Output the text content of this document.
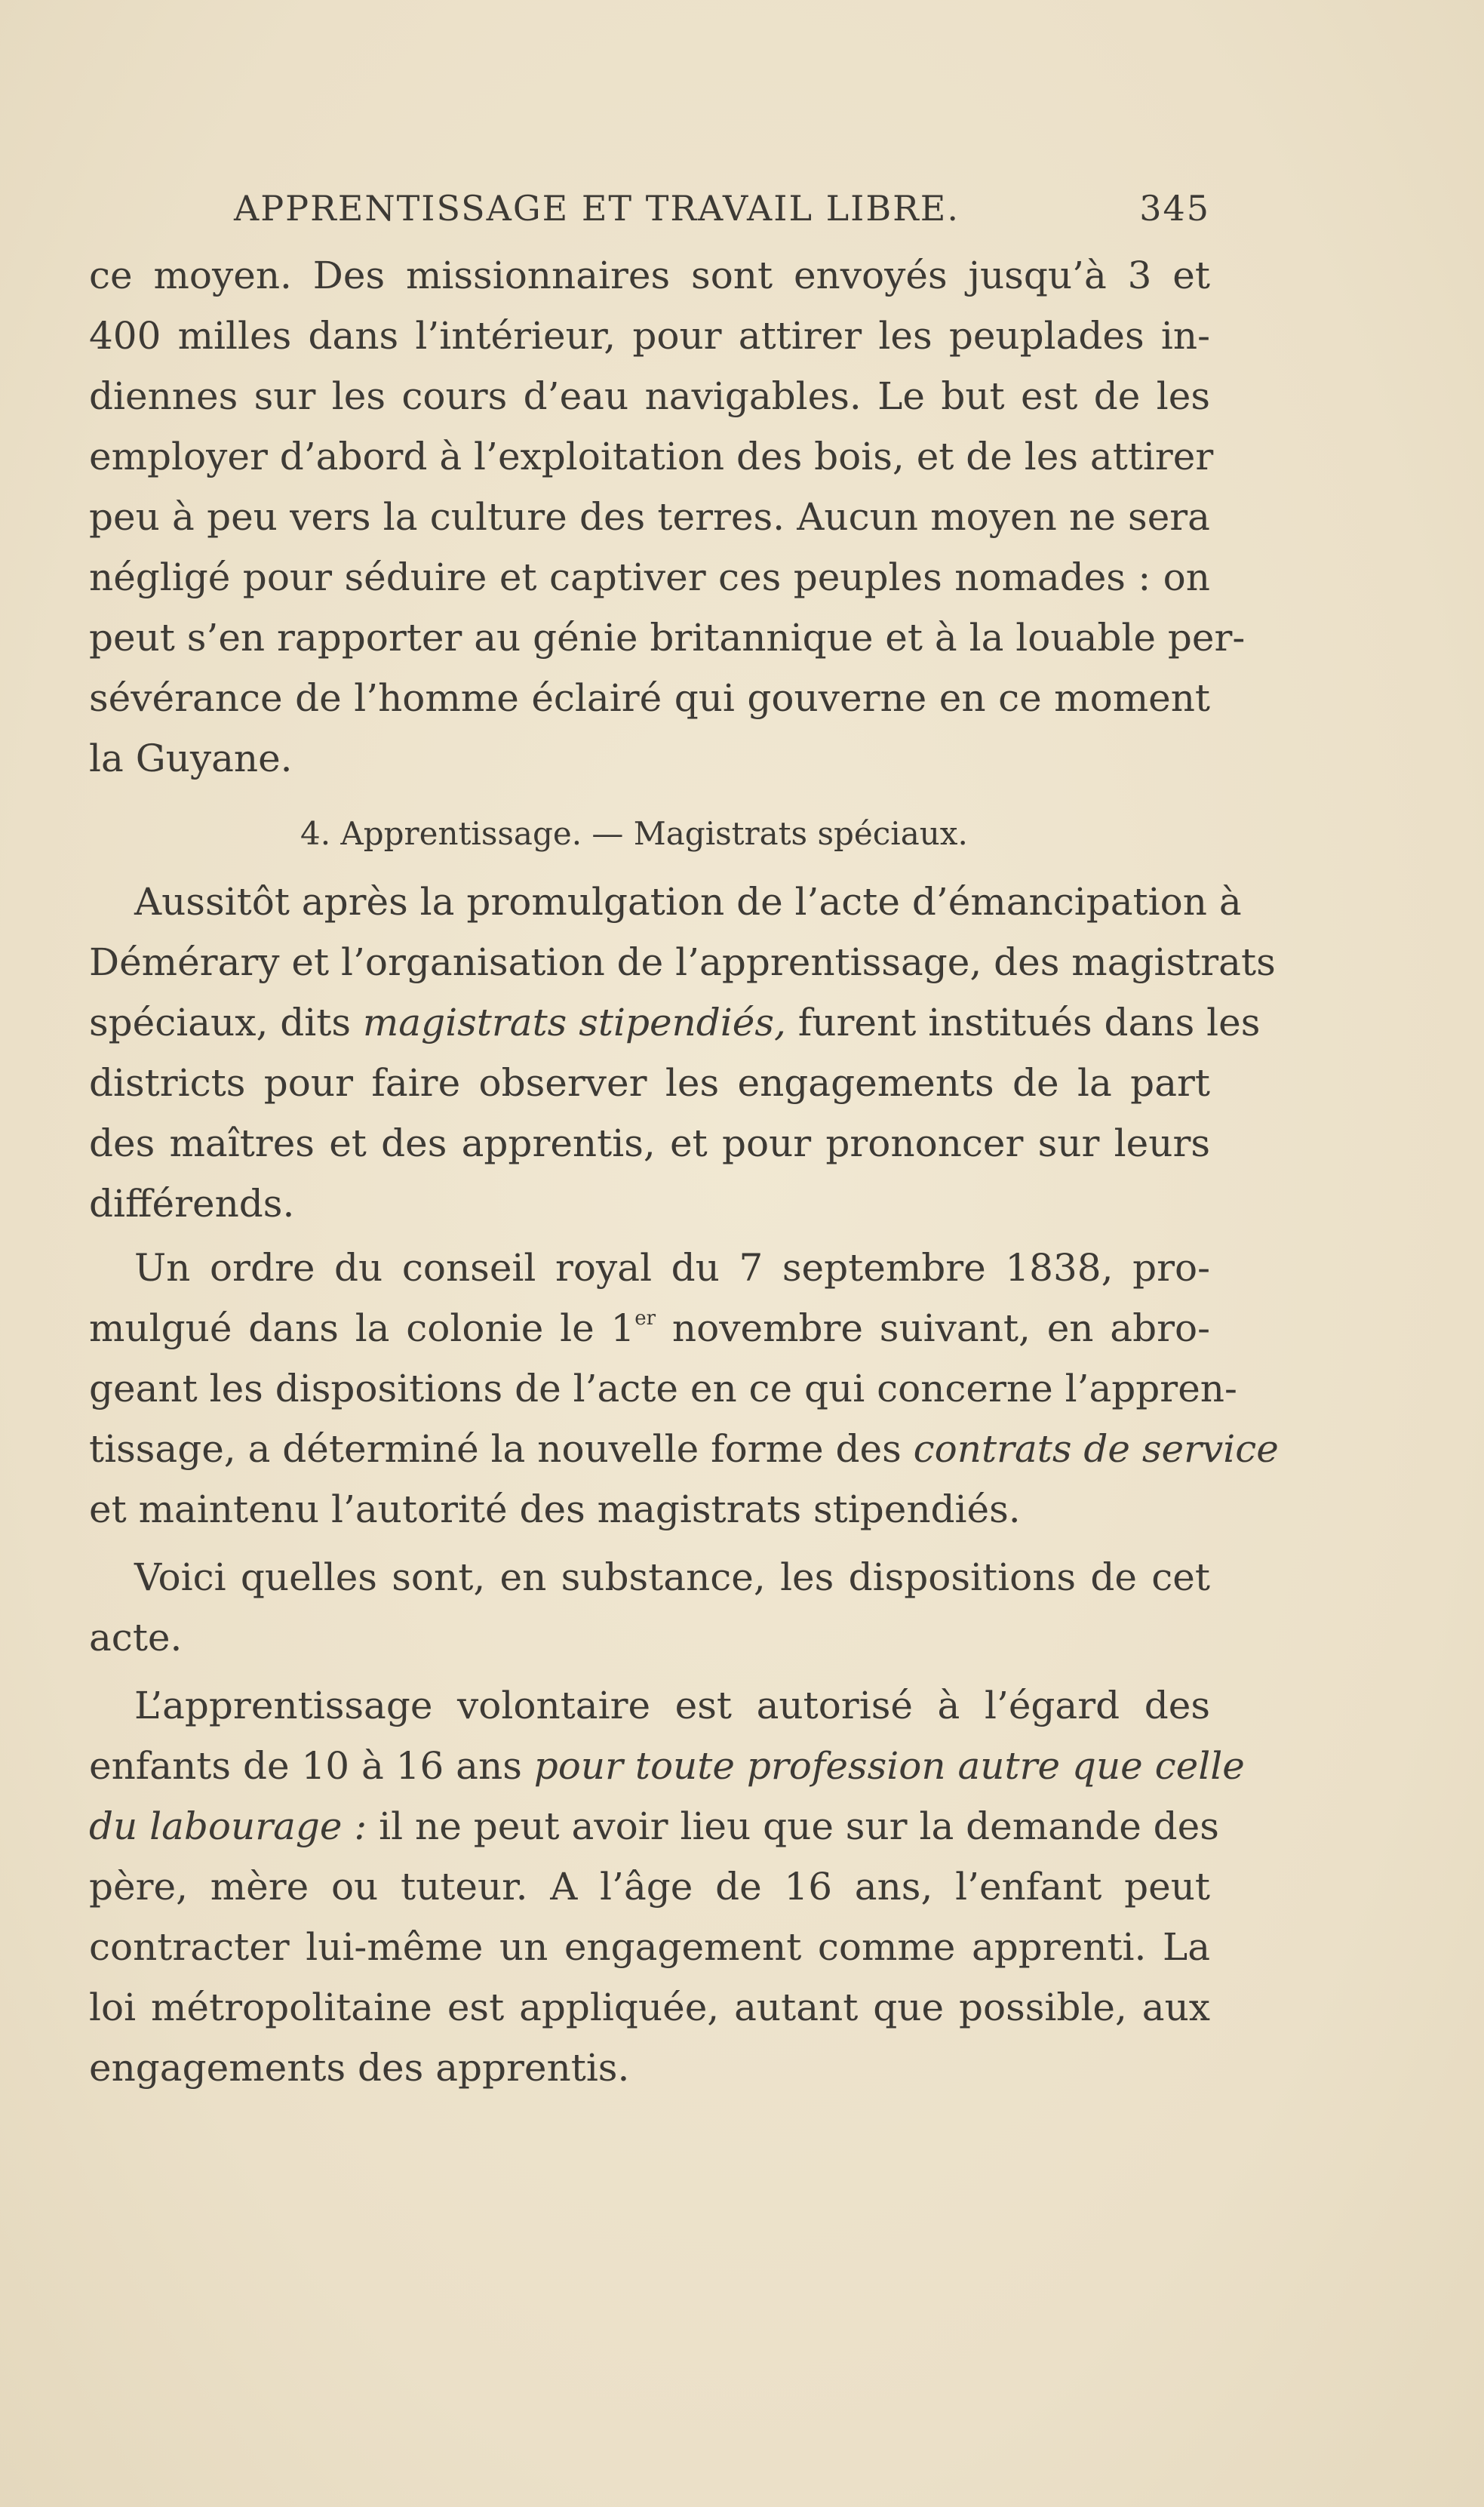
APPRENTISSAGE ET TRAVAIL LIBRE.	345
ce moyen. Des missionnaires sont envoyés jusqu’à 3 et
400 milles dans l’intérieur, pour attirer les peuplades in-
diennes sur les cours d’eau navigables. Le but est de les
employer d’abord à l’exploitation des bois, et de les attirer
peu à peu vers la culture des terres. Aucun moyen ne sera
négligé pour séduire et captiver ces peuples nomades : on
peut s’en rapporter au génie britannique et à la louable per-
sévérance de l’homme éclairé qui gouverne en ce moment
la Guyane.
4. Apprentissage. — Magistrats spéciaux.
Aussitôt après la promulgation de l’acte d’émancipation à
Démérary et l’organisation de l’apprentissage, des magistrats
spéciaux, dits magistrats stipendiés, furent institués dans les
districts pour faire observer les engagements de la part
des maîtres et des apprentis, et pour prononcer sur leurs
différends.
Un ordre du conseil royal du 7 septembre 1838, pro-
mulgué dans la colonie le 1er novembre suivant, en abro-
geant les dispositions de l’acte en ce qui concerne l’appren-
tissage, a déterminé la nouvelle forme des contrats de service
et maintenu l’autorité des magistrats stipendiés.
Voici quelles sont, en substance, les dispositions de cet
acte.
L’apprentissage volontaire est autorisé à l’égard des
enfants de 10 à 16 ans pour toute profession autre que celle
du labourage : il ne peut avoir lieu que sur la demande des
père, mère ou tuteur. A l’âge de 16 ans, l’enfant peut
contracter lui-même un engagement comme apprenti. La
loi métropolitaine est appliquée, autant que possible, aux
engagements des apprentis.
